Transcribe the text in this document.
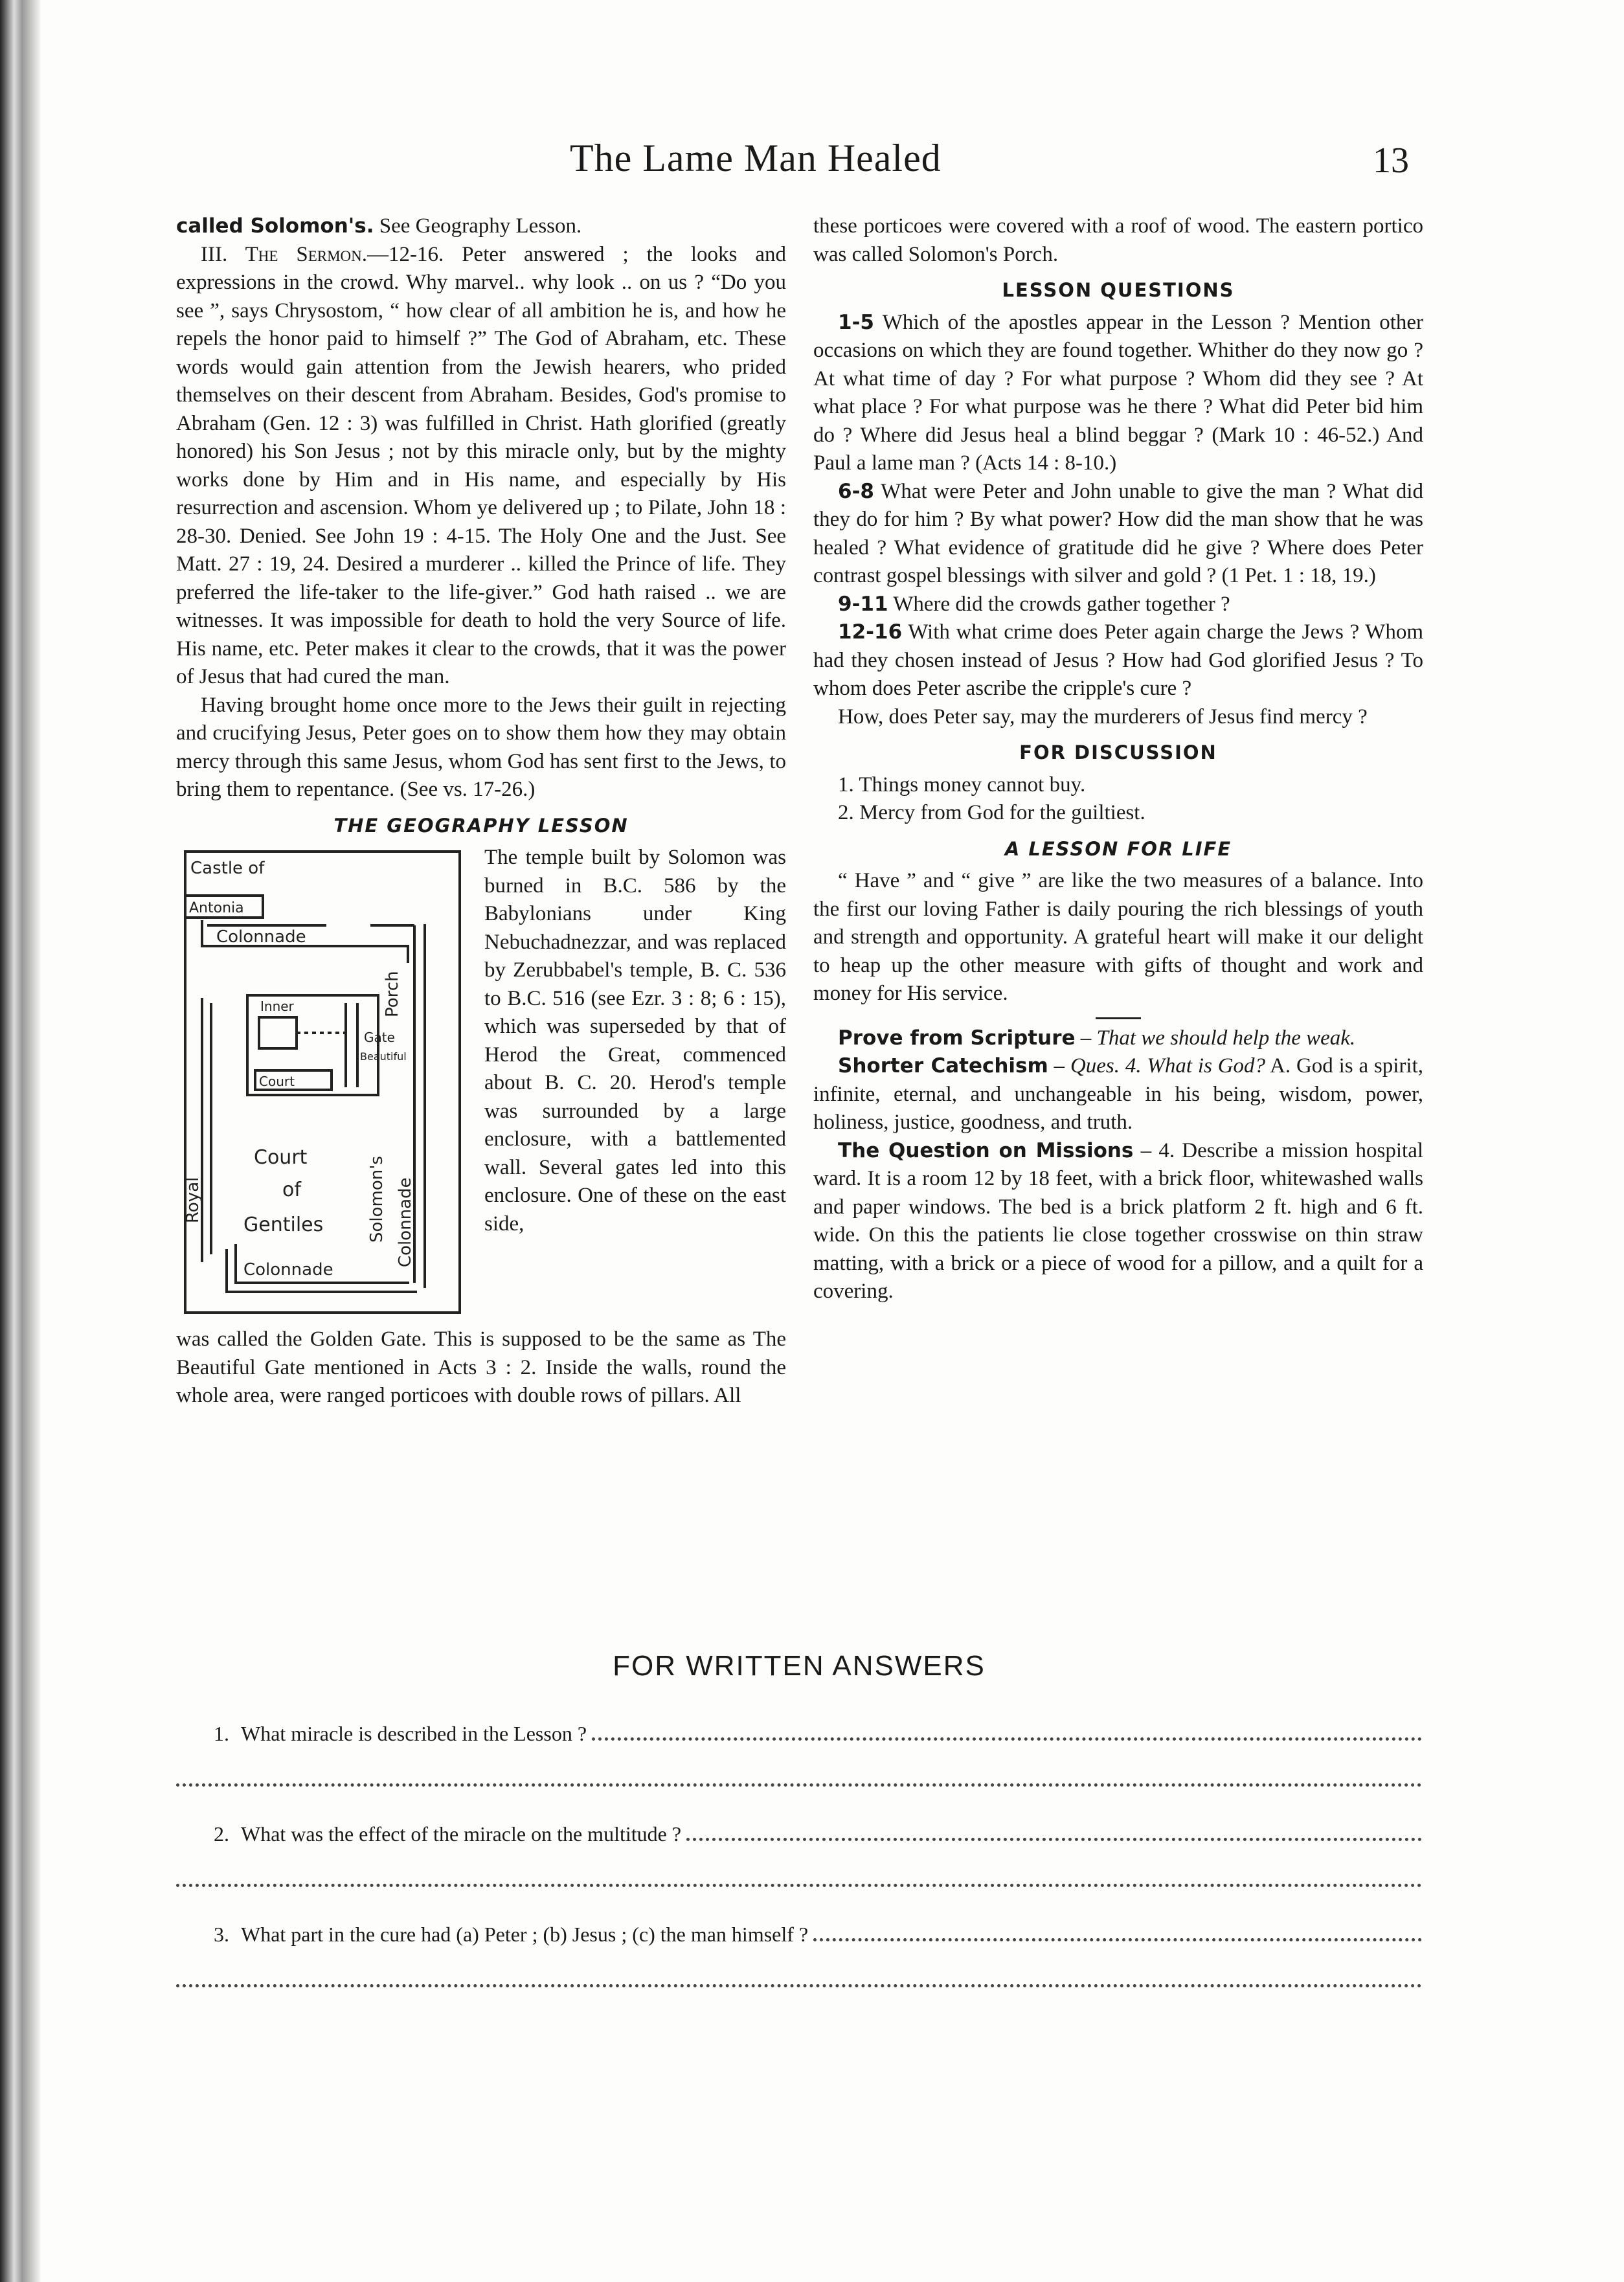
The Lame Man Healed	13

called Solomon's. See Geography Lesson.

III. The Sermon.—12-16. Peter answered ; the looks and expressions in the crowd. Why marvel.. why look .. on us ? “Do you see ”, says Chrysostom, “ how clear of all ambition he is, and how he repels the honor paid to himself ?” The God of Abraham, etc. These words would gain attention from the Jewish hearers, who prided themselves on their descent from Abraham. Besides, God's promise to Abraham (Gen. 12 : 3) was fulfilled in Christ. Hath glorified (greatly honored) his Son Jesus ; not by this miracle only, but by the mighty works done by Him and in His name, and especially by His resurrection and ascension. Whom ye delivered up ; to Pilate, John 18 : 28-30. Denied. See John 19 : 4-15. The Holy One and the Just. See Matt. 27 : 19, 24. Desired a murderer .. killed the Prince of life. They preferred the life-taker to the life-giver.” God hath raised .. we are witnesses. It was impossible for death to hold the very Source of life. His name, etc. Peter makes it clear to the crowds, that it was the power of Jesus that had cured the man.

Having brought home once more to the Jews their guilt in rejecting and crucifying Jesus, Peter goes on to show them how they may obtain mercy through this same Jesus, whom God has sent first to the Jews, to bring them to repentance. (See vs. 17-26.)

THE GEOGRAPHY LESSON
Castle of
Antonia
Colonnade
Porch
Inner
Gate
Beautiful
Court
Royal
Court
of
Gentiles	Solomon's Colonnade
Colonnade
The temple built by Solomon was burned in B.C. 586 by the Babylonians under King Nebuchadnezzar, and was replaced by Zerubbabel's temple, B. C. 536 to B.C. 516 (see Ezr. 3 : 8; 6 : 15), which was superseded by that of Herod the Great, commenced about B. C. 20. Herod's temple was surrounded by a large enclosure, with a battlemented wall. Several gates led into this enclosure. One of these on the east side,
was called the Golden Gate. This is supposed to be the same as The Beautiful Gate mentioned in Acts 3 : 2. Inside the walls, round the whole area, were ranged porticoes with double rows of pillars. All

these porticoes were covered with a roof of wood. The eastern portico was called Solomon's Porch.

LESSON QUESTIONS

1-5 Which of the apostles appear in the Lesson ? Mention other occasions on which they are found together. Whither do they now go ? At what time of day ? For what purpose ? Whom did they see ? At what place ? For what purpose was he there ? What did Peter bid him do ? Where did Jesus heal a blind beggar ? (Mark 10 : 46-52.) And Paul a lame man ? (Acts 14 : 8-10.)

6-8 What were Peter and John unable to give the man ? What did they do for him ? By what power? How did the man show that he was healed ? What evidence of gratitude did he give ? Where does Peter contrast gospel blessings with silver and gold ? (1 Pet. 1 : 18, 19.)

9-11 Where did the crowds gather together ?

12-16 With what crime does Peter again charge the Jews ? Whom had they chosen instead of Jesus ? How had God glorified Jesus ? To whom does Peter ascribe the cripple's cure ?

How, does Peter say, may the murderers of Jesus find mercy ?

FOR DISCUSSION

1. Things money cannot buy.

2. Mercy from God for the guiltiest.

A LESSON FOR LIFE

“ Have ” and “ give ” are like the two measures of a balance. Into the first our loving Father is daily pouring the rich blessings of youth and strength and opportunity. A grateful heart will make it our delight to heap up the other measure with gifts of thought and work and money for His service.

Prove from Scripture – That we should help the weak.

Shorter Catechism – Ques. 4. What is God? A. God is a spirit, infinite, eternal, and unchangeable in his being, wisdom, power, holiness, justice, goodness, and truth.

The Question on Missions – 4. Describe a mission hospital ward. It is a room 12 by 18 feet, with a brick floor, whitewashed walls and paper windows. The bed is a brick platform 2 ft. high and 6 ft. wide. On this the patients lie close together crosswise on thin straw matting, with a brick or a piece of wood for a pillow, and a quilt for a covering.

FOR WRITTEN ANSWERS
1. What miracle is described in the Lesson ?
2. What was the effect of the miracle on the multitude ?
3. What part in the cure had (a) Peter ; (b) Jesus ; (c) the man himself ?
